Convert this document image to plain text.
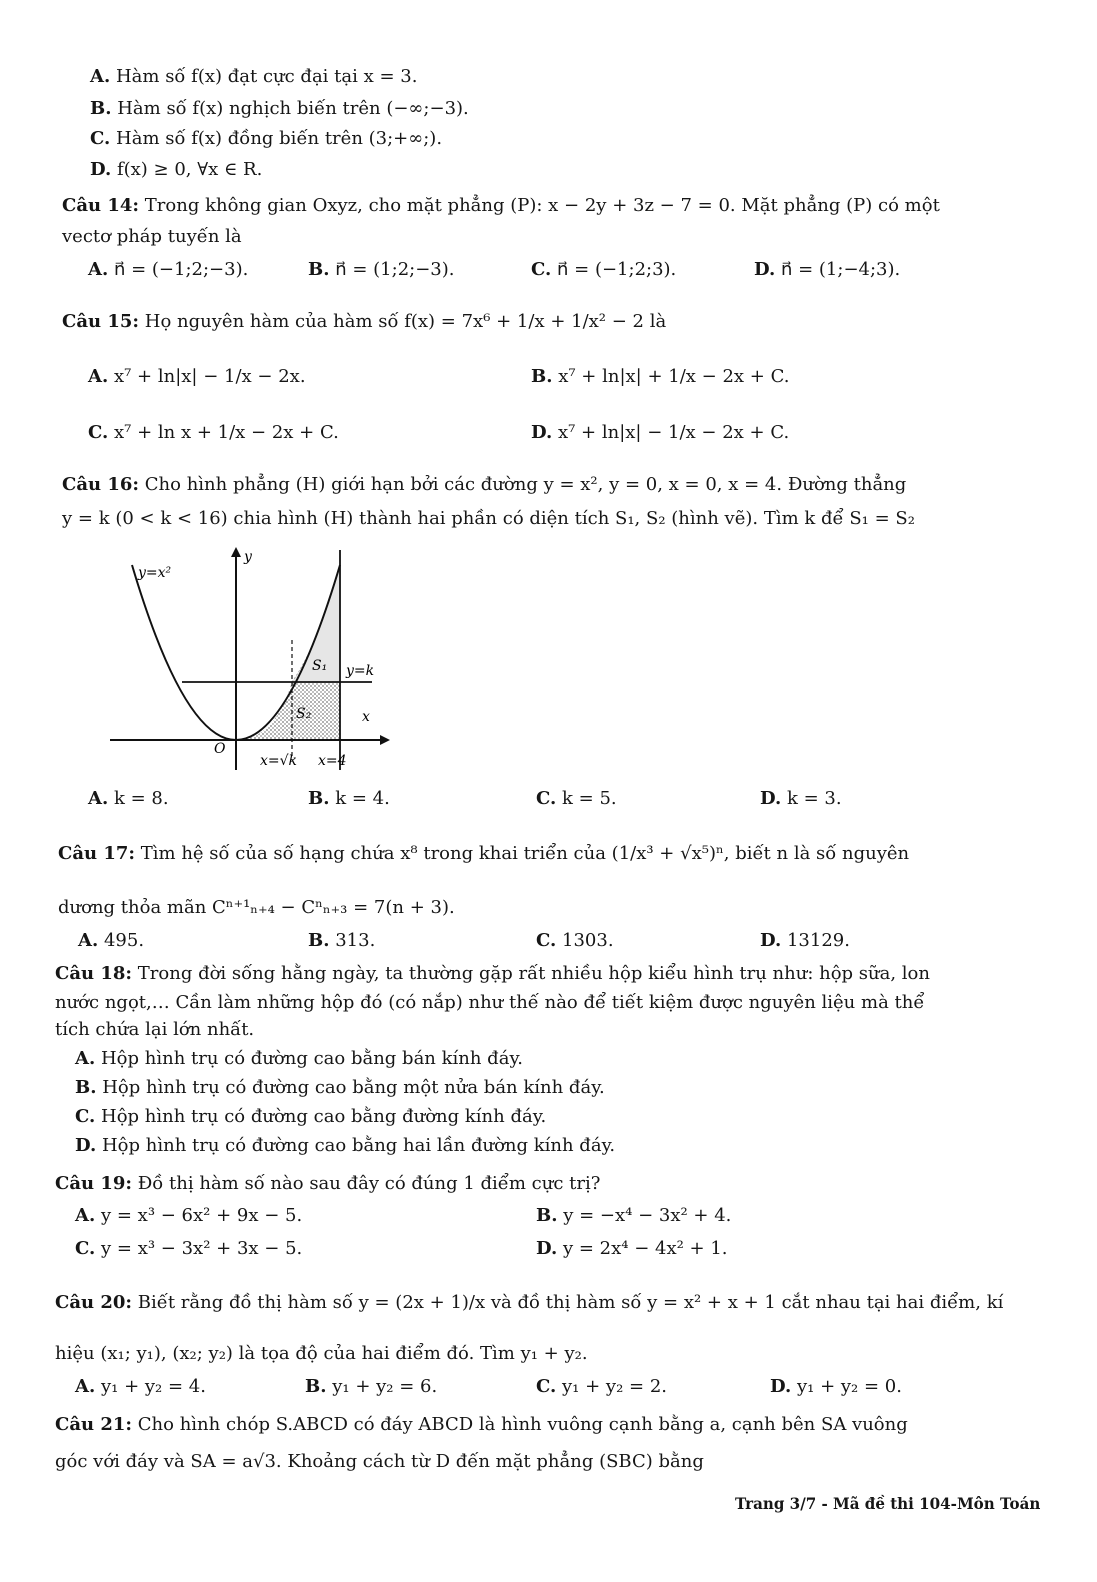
A. Hàm số f(x) đạt cực đại tại x = 3.
B. Hàm số f(x) nghịch biến trên (−∞;−3).
C. Hàm số f(x) đồng biến trên (3;+∞;).
D. f(x) ≥ 0, ∀x ∈ R.
Câu 14: Trong không gian Oxyz, cho mặt phẳng (P): x − 2y + 3z − 7 = 0. Mặt phẳng (P) có một
vectơ pháp tuyến là
A. n⃗ = (−1;2;−3).	B. n⃗ = (1;2;−3).	C. n⃗ = (−1;2;3).	D. n⃗ = (1;−4;3).
Câu 15: Họ nguyên hàm của hàm số f(x) = 7x⁶ + 1/x + 1/x² − 2 là
A. x⁷ + ln|x| − 1/x − 2x.	B. x⁷ + ln|x| + 1/x − 2x + C.
C. x⁷ + ln x + 1/x − 2x + C.	D. x⁷ + ln|x| − 1/x − 2x + C.
Câu 16: Cho hình phẳng (H) giới hạn bởi các đường y = x², y = 0, x = 0, x = 4. Đường thẳng
y = k (0 < k < 16) chia hình (H) thành hai phần có diện tích S₁, S₂ (hình vẽ). Tìm k để S₁ = S₂
y=x²
y
x
O
y=k
S₁
S₂
x=√k x=4
A. k = 8.	B. k = 4.	C. k = 5.	D. k = 3.
Câu 17: Tìm hệ số của số hạng chứa x⁸ trong khai triển của (1/x³ + √x⁵)ⁿ, biết n là số nguyên
dương thỏa mãn Cⁿ⁺¹ₙ₊₄ − Cⁿₙ₊₃ = 7(n + 3).
A. 495.	B. 313.	C. 1303.	D. 13129.
Câu 18: Trong đời sống hằng ngày, ta thường gặp rất nhiều hộp kiểu hình trụ như: hộp sữa, lon
nước ngọt,… Cần làm những hộp đó (có nắp) như thế nào để tiết kiệm được nguyên liệu mà thể
tích chứa lại lớn nhất.
A. Hộp hình trụ có đường cao bằng bán kính đáy.
B. Hộp hình trụ có đường cao bằng một nửa bán kính đáy.
C. Hộp hình trụ có đường cao bằng đường kính đáy.
D. Hộp hình trụ có đường cao bằng hai lần đường kính đáy.
Câu 19: Đồ thị hàm số nào sau đây có đúng 1 điểm cực trị?
A. y = x³ − 6x² + 9x − 5.	B. y = −x⁴ − 3x² + 4.
C. y = x³ − 3x² + 3x − 5.	D. y = 2x⁴ − 4x² + 1.
Câu 20: Biết rằng đồ thị hàm số y = (2x + 1)/x và đồ thị hàm số y = x² + x + 1 cắt nhau tại hai điểm, kí
hiệu (x₁; y₁), (x₂; y₂) là tọa độ của hai điểm đó. Tìm y₁ + y₂.
A. y₁ + y₂ = 4.	B. y₁ + y₂ = 6.	C. y₁ + y₂ = 2.	D. y₁ + y₂ = 0.
Câu 21: Cho hình chóp S.ABCD có đáy ABCD là hình vuông cạnh bằng a, cạnh bên SA vuông
góc với đáy và SA = a√3. Khoảng cách từ D đến mặt phẳng (SBC) bằng
Trang 3/7 - Mã đề thi 104-Môn Toán
